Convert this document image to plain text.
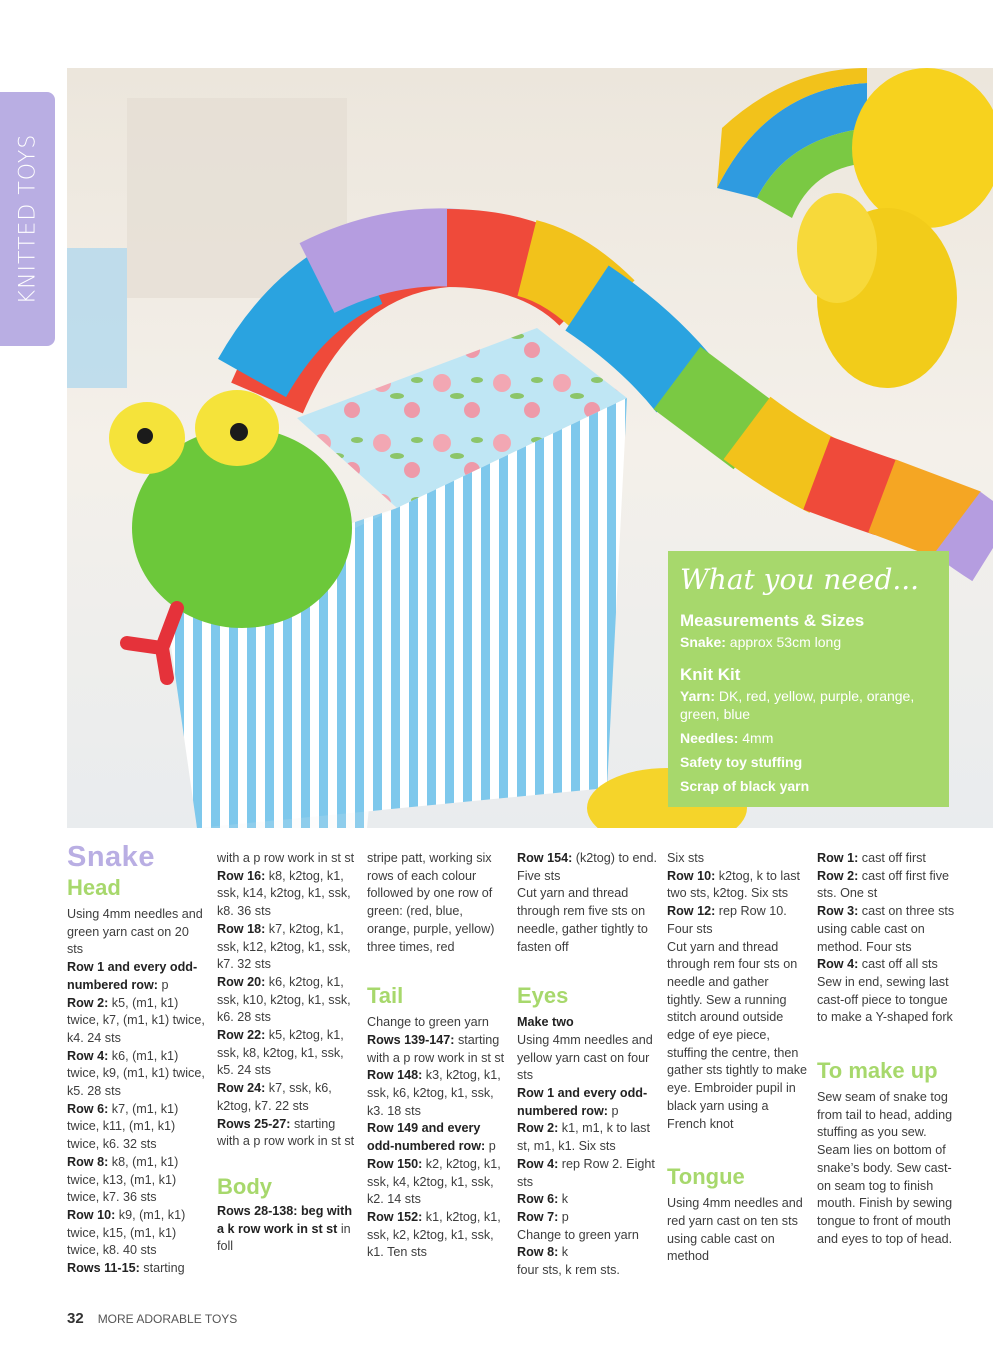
KNITTED TOYS
What you need...
Measurements & Sizes

Snake: approx 53cm long

Knit Kit

Yarn: DK, red, yellow, purple, orange, green, blue

Needles: 4mm

Safety toy stuffing

Scrap of black yarn

Snake
Head

Using 4mm needles and green yarn cast on 20 sts

Row 1 and every odd-numbered row: p

Row 2: k5, (m1, k1) twice, k7, (m1, k1) twice, k4. 24 sts

Row 4: k6, (m1, k1) twice, k9, (m1, k1) twice, k5. 28 sts

Row 6: k7, (m1, k1) twice, k11, (m1, k1) twice, k6. 32 sts

Row 8: k8, (m1, k1) twice, k13, (m1, k1) twice, k7. 36 sts

Row 10: k9, (m1, k1) twice, k15, (m1, k1) twice, k8. 40 sts

Rows 11-15: starting

with a p row work in st st

Row 16: k8, k2tog, k1, ssk, k14, k2tog, k1, ssk, k8. 36 sts

Row 18: k7, k2tog, k1, ssk, k12, k2tog, k1, ssk, k7. 32 sts

Row 20: k6, k2tog, k1, ssk, k10, k2tog, k1, ssk, k6. 28 sts

Row 22: k5, k2tog, k1, ssk, k8, k2tog, k1, ssk, k5. 24 sts

Row 24: k7, ssk, k6, k2tog, k7. 22 sts

Rows 25-27: starting with a p row work in st st

Body

Rows 28-138: beg with a k row work in st st in foll

stripe patt, working six rows of each colour followed by one row of green: (red, blue, orange, purple, yellow) three times, red

Tail

Change to green yarn

Rows 139-147: starting with a p row work in st st

Row 148: k3, k2tog, k1, ssk, k6, k2tog, k1, ssk, k3. 18 sts

Row 149 and every odd-numbered row: p

Row 150: k2, k2tog, k1, ssk, k4, k2tog, k1, ssk, k2. 14 sts

Row 152: k1, k2tog, k1, ssk, k2, k2tog, k1, ssk, k1. Ten sts

Row 154: (k2tog) to end. Five sts

Cut yarn and thread through rem five sts on needle, gather tightly to fasten off

Eyes

Make two

Using 4mm needles and yellow yarn cast on four sts

Row 1 and every odd-numbered row: p

Row 2: k1, m1, k to last st, m1, k1. Six sts

Row 4: rep Row 2. Eight sts

Row 6: k

Row 7: p

Change to green yarn

Row 8: k

four sts, k rem sts.

Six sts

Row 10: k2tog, k to last two sts, k2tog. Six sts

Row 12: rep Row 10. Four sts

Cut yarn and thread through rem four sts on needle and gather tightly. Sew a running stitch around outside edge of eye piece, stuffing the centre, then gather sts tightly to make eye. Embroider pupil in black yarn using a French knot

Tongue

Using 4mm needles and red yarn cast on ten sts using cable cast on method

Row 1: cast off first

Row 2: cast off first five sts. One st

Row 3: cast on three sts using cable cast on method. Four sts

Row 4: cast off all sts

Sew in end, sewing last cast-off piece to tongue to make a Y-shaped fork

To make up

Sew seam of snake tog from tail to head, adding stuffing as you sew. Seam lies on bottom of snake’s body. Sew cast-on seam tog to finish mouth. Finish by sewing tongue to front of mouth and eyes to top of head.

32 MORE ADORABLE TOYS
